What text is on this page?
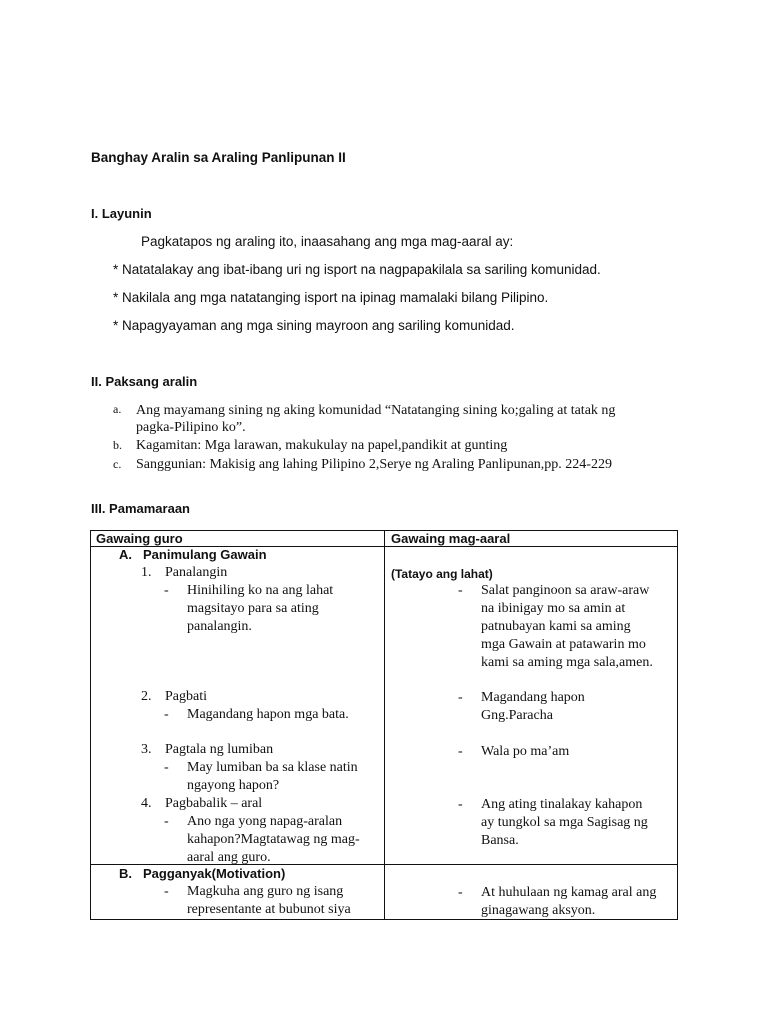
Banghay Aralin sa Araling Panlipunan II
I. Layunin
Pagkatapos ng araling ito, inaasahang ang mga mag-aaral ay:
* Natatalakay ang ibat-ibang uri ng isport na nagpapakilala sa sariling komunidad.
* Nakilala ang mga natatanging isport na ipinag mamalaki bilang Pilipino.
* Napagyayaman ang mga sining mayroon ang sariling komunidad.
II. Paksang aralin
a. Ang mayamang sining ng aking komunidad “Natatanging sining ko;galing at tatak ng
pagka-Pilipino ko”.
b. Kagamitan: Mga larawan, makukulay na papel,pandikit at gunting
c. Sanggunian: Makisig ang lahing Pilipino 2,Serye ng Araling Panlipunan,pp. 224-229
III. Pamamaraan
Gawaing guro	Gawaing mag-aaral
A. Panimulang Gawain
1. Panalangin
- Hinihiling ko na ang lahat
magsitayo para sa ating
panalangin.
2. Pagbati
- Magandang hapon mga bata.
3. Pagtala ng lumiban
- May lumiban ba sa klase natin
ngayong hapon?
4. Pagbabalik – aral
- Ano nga yong napag-aralan
kahapon?Magtatawag ng mag-
aaral ang guro.
(Tatayo ang lahat)
- Salat panginoon sa araw-araw
na ibinigay mo sa amin at
patnubayan kami sa aming
mga Gawain at patawarin mo
kami sa aming mga sala,amen.
- Magandang hapon
Gng.Paracha
- Wala po ma’am
- Ang ating tinalakay kahapon
ay tungkol sa mga Sagisag ng
Bansa.
B. Pagganyak(Motivation)
- Magkuha ang guro ng isang
representante at bubunot siya
- At huhulaan ng kamag aral ang
ginagawang aksyon.
